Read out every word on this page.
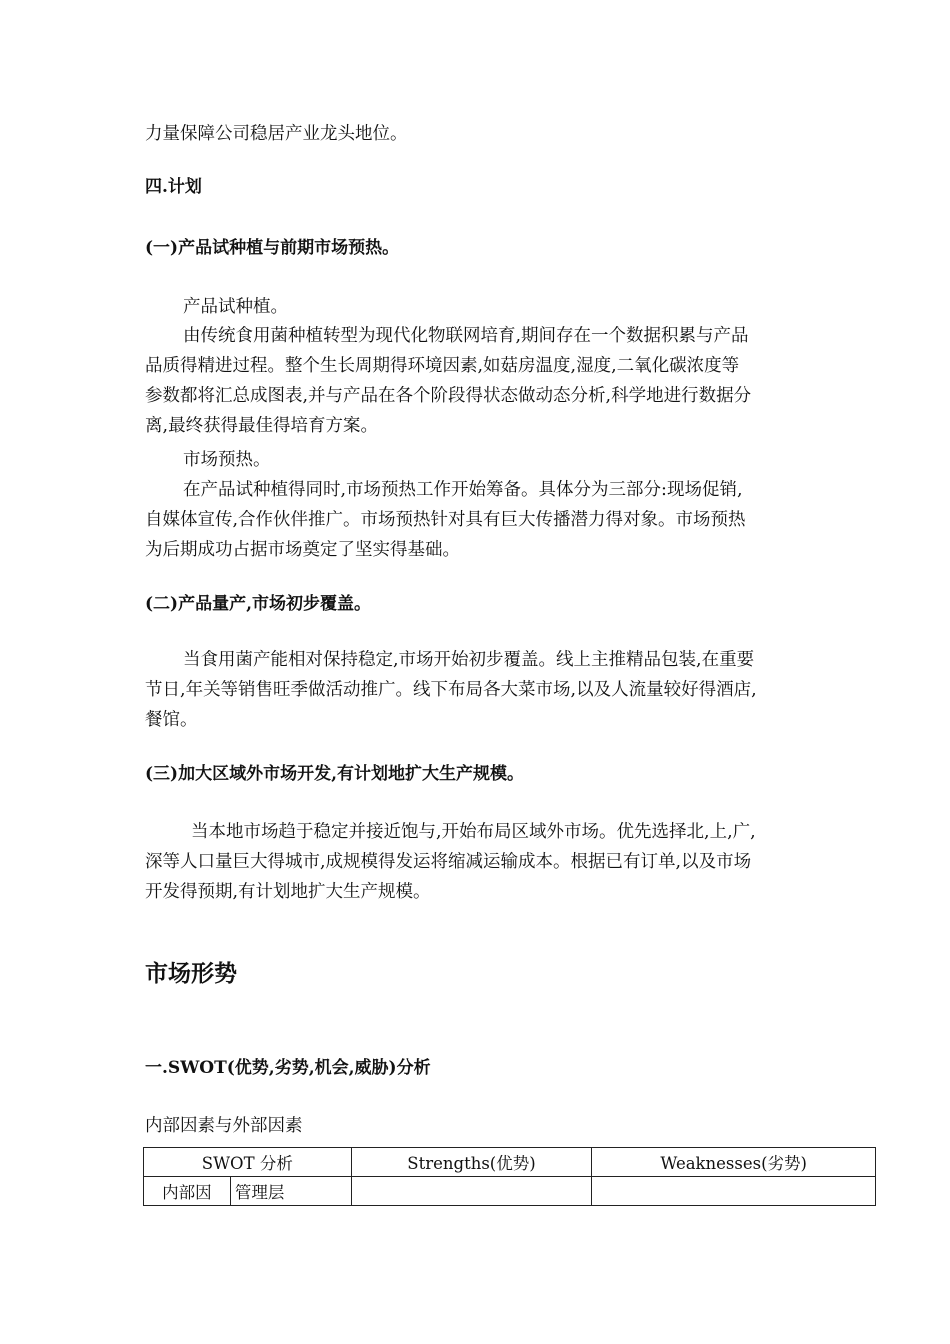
力量保障公司稳居产业龙头地位。
四.计划
(一)产品试种植与前期市场预热。
产品试种植。
由传统食用菌种植转型为现代化物联网培育,期间存在一个数据积累与产品
品质得精进过程。整个生长周期得环境因素,如菇房温度,湿度,二氧化碳浓度等
参数都将汇总成图表,并与产品在各个阶段得状态做动态分析,科学地进行数据分
离,最终获得最佳得培育方案。
市场预热。
在产品试种植得同时,市场预热工作开始筹备。具体分为三部分:现场促销,
自媒体宣传,合作伙伴推广。市场预热针对具有巨大传播潜力得对象。市场预热
为后期成功占据市场奠定了坚实得基础。
(二)产品量产,市场初步覆盖。
当食用菌产能相对保持稳定,市场开始初步覆盖。线上主推精品包装,在重要
节日,年关等销售旺季做活动推广。线下布局各大菜市场,以及人流量较好得酒店,
餐馆。
(三)加大区域外市场开发,有计划地扩大生产规模。
当本地市场趋于稳定并接近饱与,开始布局区域外市场。优先选择北,上,广,
深等人口量巨大得城市,成规模得发运将缩减运输成本。根据已有订单,以及市场
开发得预期,有计划地扩大生产规模。
市场形势
一.SWOT(优势,劣势,机会,威胁)分析
内部因素与外部因素
SWOT 分析		Strengths(优势)	Weaknesses(劣势)
内部因	管理层		
